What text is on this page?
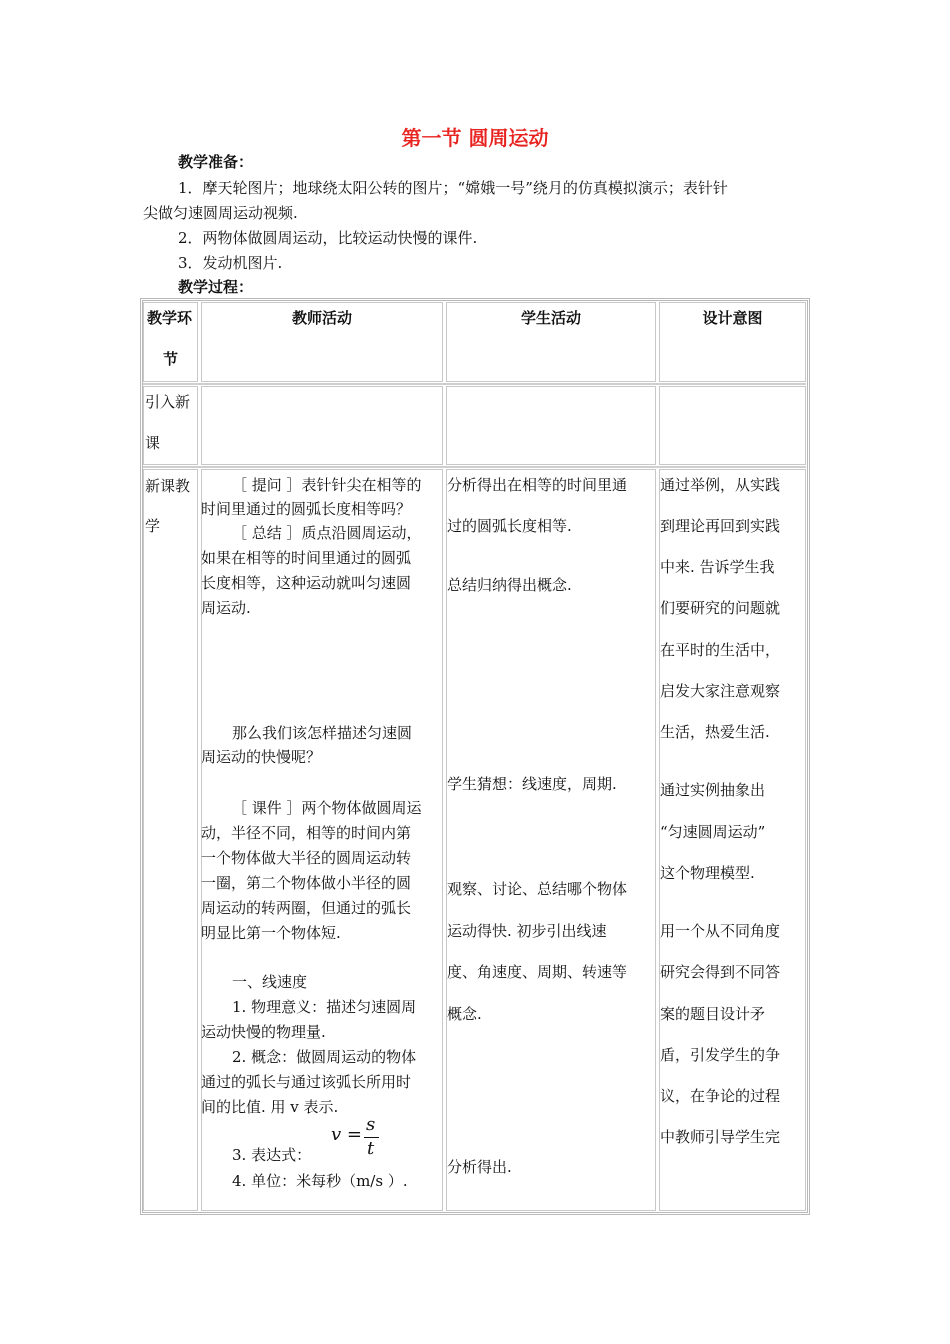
第一节 圆周运动
教学准备：
1．摩天轮图片；地球绕太阳公转的图片；“嫦娥一号”绕月的仿真模拟演示；表针针
尖做匀速圆周运动视频.
2．两物体做圆周运动，比较运动快慢的课件.
3．发动机图片.
教学过程：
教学环
节
教师活动	学生活动	设计意图
引入新
课
新课教
学
［ 提问 ］表针针尖在相等的
时间里通过的圆弧长度相等吗？
［ 总结 ］质点沿圆周运动，
如果在相等的时间里通过的圆弧
长度相等，这种运动就叫匀速圆
周运动.
那么我们该怎样描述匀速圆
周运动的快慢呢？
［ 课件 ］两个物体做圆周运
动，半径不同，相等的时间内第
一个物体做大半径的圆周运动转
一圈，第二个物体做小半径的圆
周运动的转两圈，但通过的弧长
明显比第一个物体短.
一、线速度
1. 物理意义：描述匀速圆周
运动快慢的物理量.
2. 概念：做圆周运动的物体
通过的弧长与通过该弧长所用时
间的比值. 用 v 表示.
3. 表达式：
4. 单位：米每秒（m/s ）.
v = s
t
分析得出在相等的时间里通
过的圆弧长度相等.
总结归纳得出概念.
学生猜想：线速度，周期.
观察、讨论、总结哪个物体
运动得快. 初步引出线速
度、角速度、周期、转速等
概念.
分析得出.
通过举例，从实践
到理论再回到实践
中来. 告诉学生我
们要研究的问题就
在平时的生活中，
启发大家注意观察
生活，热爱生活.
通过实例抽象出
“匀速圆周运动”
这个物理模型.
用一个从不同角度
研究会得到不同答
案的题目设计矛
盾，引发学生的争
议，在争论的过程
中教师引导学生完
